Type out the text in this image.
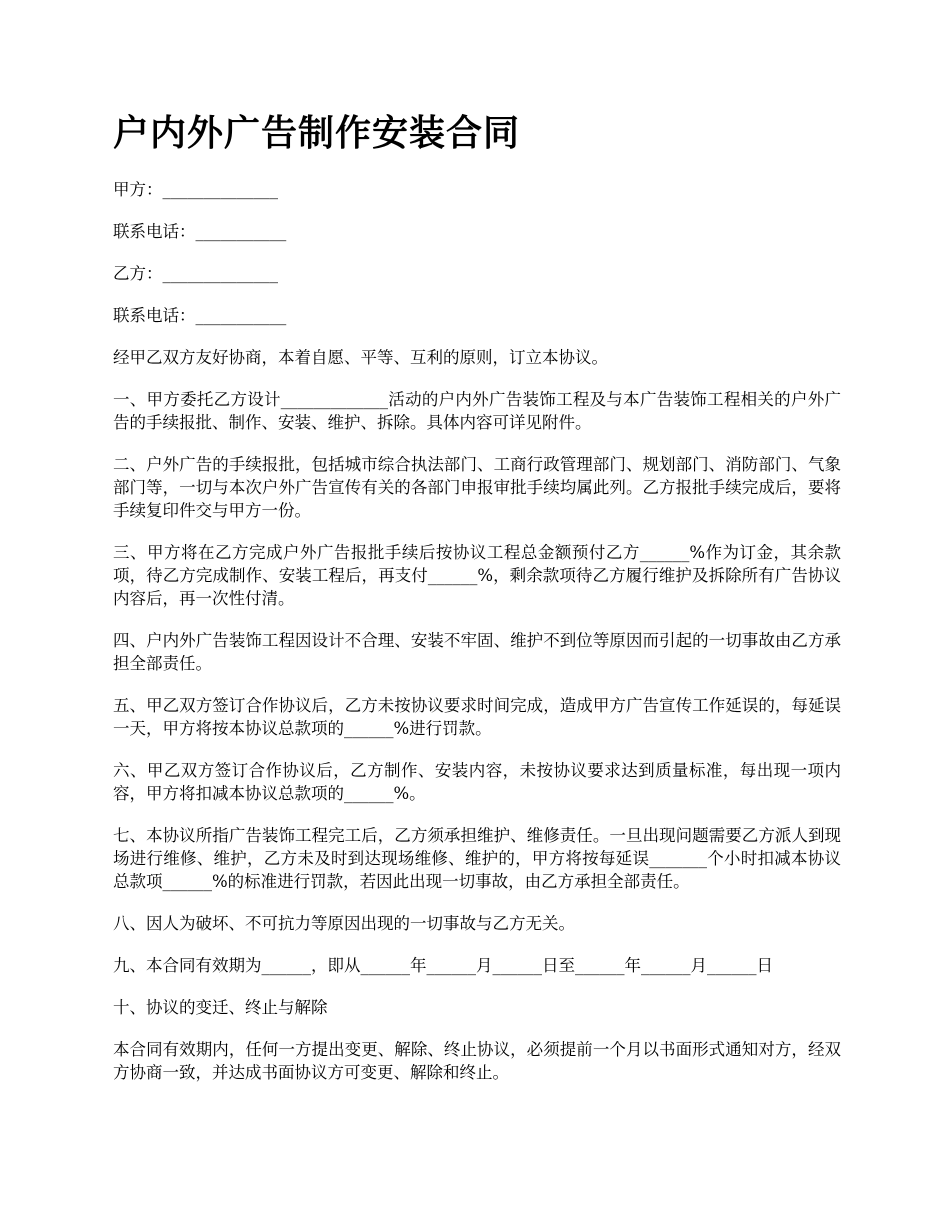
户内外广告制作安装合同

甲方：______________

联系电话：___________

乙方：______________

联系电话：___________

经甲乙双方友好协商，本着自愿、平等、互利的原则，订立本协议。

一、甲方委托乙方设计_____________活动的户内外广告装饰工程及与本广告装饰工程相关的户外广告的手续报批、制作、安装、维护、拆除。具体内容可详见附件。

二、户外广告的手续报批，包括城市综合执法部门、工商行政管理部门、规划部门、消防部门、气象部门等，一切与本次户外广告宣传有关的各部门申报审批手续均属此列。乙方报批手续完成后，要将手续复印件交与甲方一份。

三、甲方将在乙方完成户外广告报批手续后按协议工程总金额预付乙方______%作为订金，其余款项，待乙方完成制作、安装工程后，再支付______%，剩余款项待乙方履行维护及拆除所有广告协议内容后，再一次性付清。

四、户内外广告装饰工程因设计不合理、安装不牢固、维护不到位等原因而引起的一切事故由乙方承担全部责任。

五、甲乙双方签订合作协议后，乙方未按协议要求时间完成，造成甲方广告宣传工作延误的，每延误一天，甲方将按本协议总款项的______%进行罚款。

六、甲乙双方签订合作协议后，乙方制作、安装内容，未按协议要求达到质量标准，每出现一项内容，甲方将扣减本协议总款项的______%。

七、本协议所指广告装饰工程完工后，乙方须承担维护、维修责任。一旦出现问题需要乙方派人到现场进行维修、维护，乙方未及时到达现场维修、维护的，甲方将按每延误_______个小时扣减本协议总款项______%的标准进行罚款，若因此出现一切事故，由乙方承担全部责任。

八、因人为破坏、不可抗力等原因出现的一切事故与乙方无关。

九、本合同有效期为______，即从______年______月______日至______年______月______日

十、协议的变迁、终止与解除

本合同有效期内，任何一方提出变更、解除、终止协议，必须提前一个月以书面形式通知对方，经双方协商一致，并达成书面协议方可变更、解除和终止。
